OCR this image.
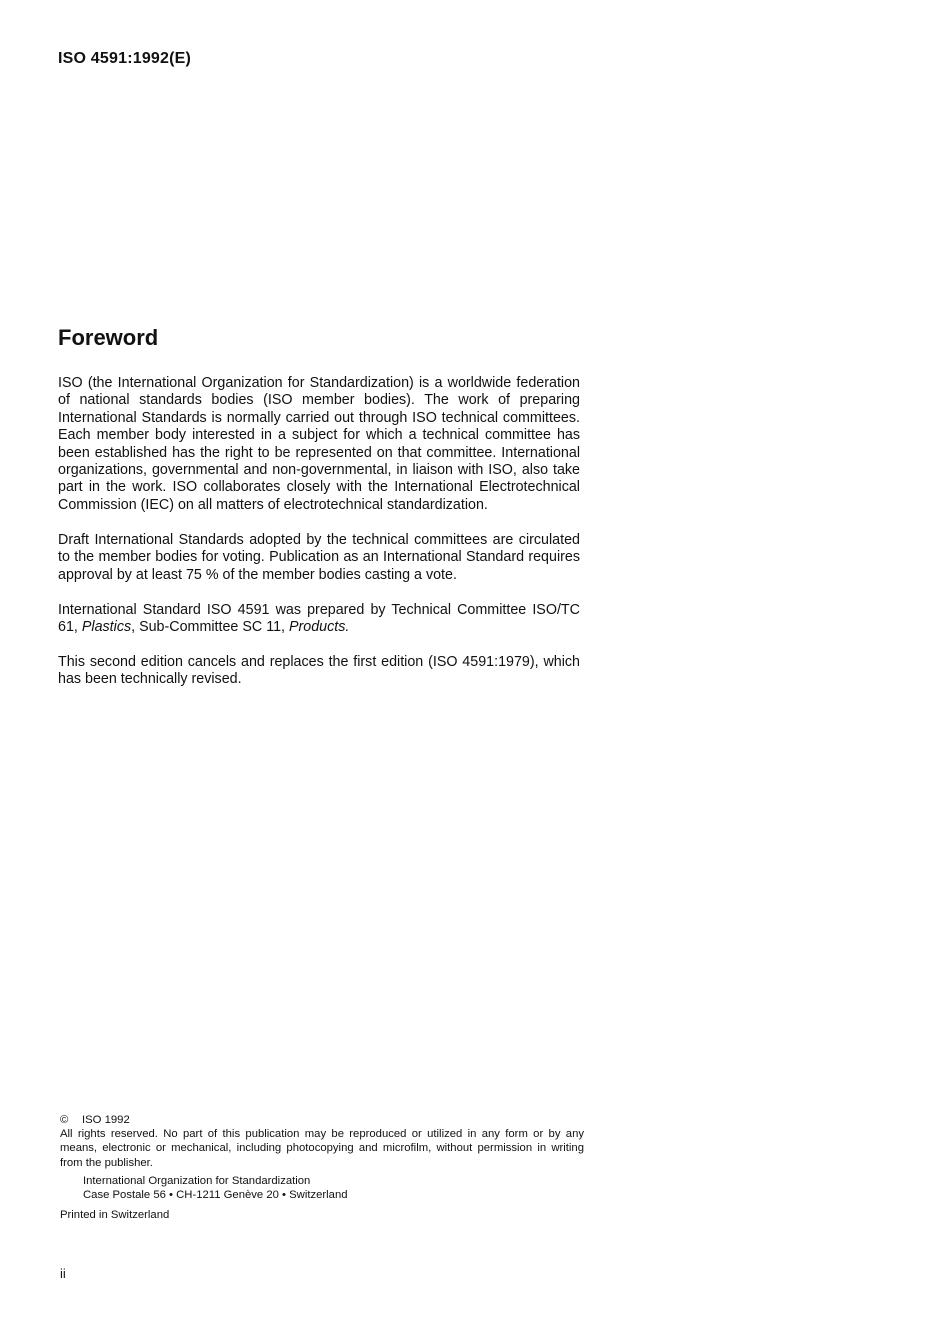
ISO 4591:1992(E)
Foreword

ISO (the International Organization for Standardization) is a worldwide federation of national standards bodies (ISO member bodies). The work of preparing International Standards is normally carried out through ISO technical committees. Each member body interested in a subject for which a technical committee has been established has the right to be represented on that committee. International organizations, governmental and non-governmental, in liaison with ISO, also take part in the work. ISO collaborates closely with the International Electrotechnical Commission (IEC) on all matters of electrotechnical standardization.

Draft International Standards adopted by the technical committees are circulated to the member bodies for voting. Publication as an International Standard requires approval by at least 75 % of the member bodies casting a vote.

International Standard ISO 4591 was prepared by Technical Committee ISO/TC 61, Plastics, Sub-Committee SC 11, Products.

This second edition cancels and replaces the first edition (ISO 4591:1979), which has been technically revised.

© ISO 1992
All rights reserved. No part of this publication may be reproduced or utilized in any form or by any means, electronic or mechanical, including photocopying and microfilm, without permission in writing from the publisher.
International Organization for Standardization
Case Postale 56 • CH-1211 Genève 20 • Switzerland
Printed in Switzerland
ii
